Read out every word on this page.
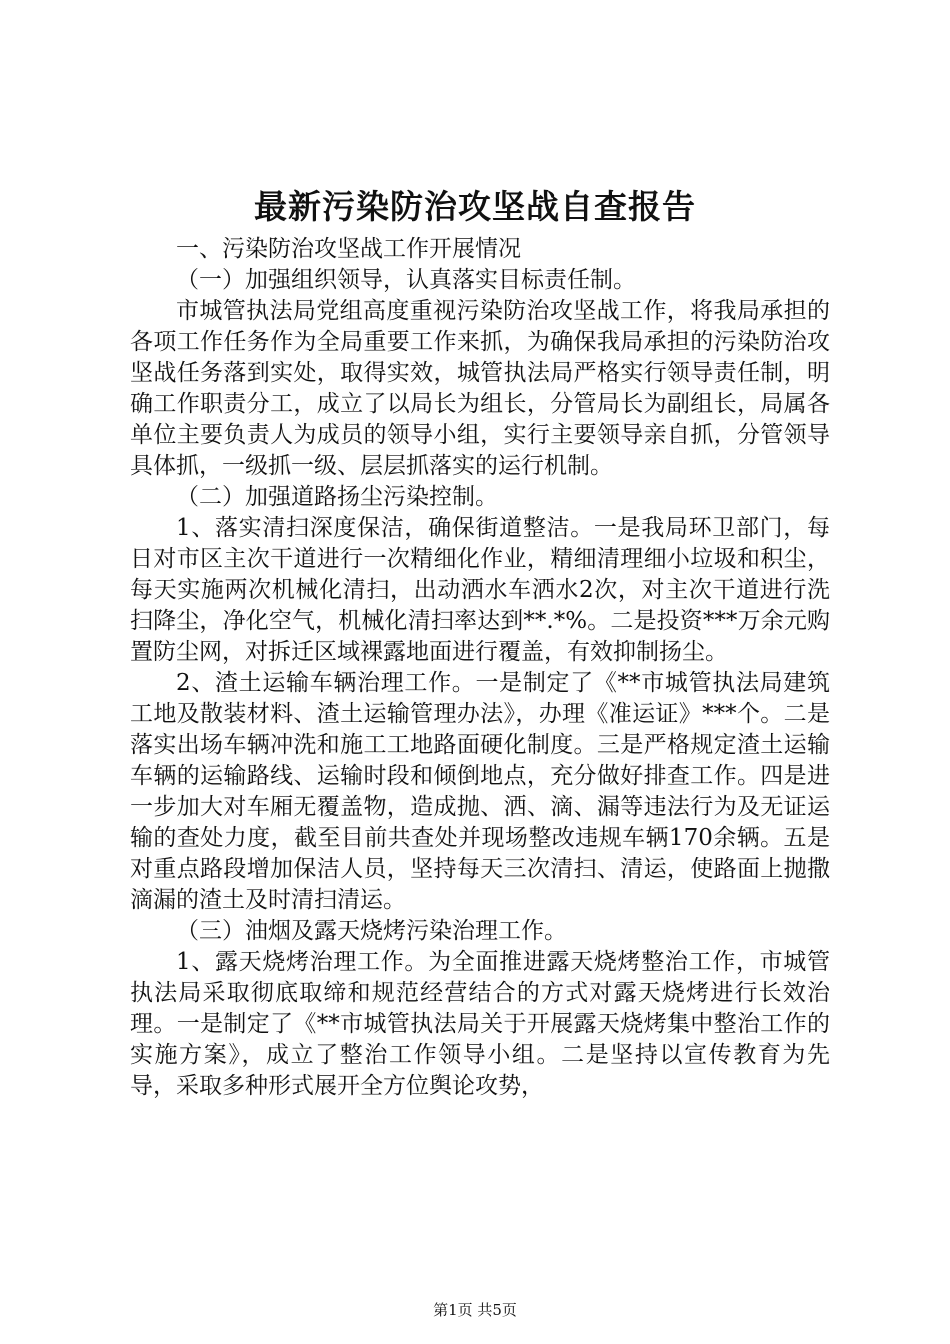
最新污染防治攻坚战自查报告

一、污染防治攻坚战工作开展情况

（一）加强组织领导，认真落实目标责任制。

市城管执法局党组高度重视污染防治攻坚战工作，将我局承担的各项工作任务作为全局重要工作来抓，为确保我局承担的污染防治攻坚战任务落到实处，取得实效，城管执法局严格实行领导责任制，明确工作职责分工，成立了以局长为组长，分管局长为副组长，局属各单位主要负责人为成员的领导小组，实行主要领导亲自抓，分管领导具体抓，一级抓一级、层层抓落实的运行机制。

（二）加强道路扬尘污染控制。

1、落实清扫深度保洁，确保街道整洁。一是我局环卫部门，每日对市区主次干道进行一次精细化作业，精细清理细小垃圾和积尘，每天实施两次机械化清扫，出动洒水车洒水2次，对主次干道进行洗扫降尘，净化空气，机械化清扫率达到**.*%。二是投资***万余元购置防尘网，对拆迁区域裸露地面进行覆盖，有效抑制扬尘。

2、渣土运输车辆治理工作。一是制定了《**市城管执法局建筑工地及散装材料、渣土运输管理办法》，办理《准运证》***个。二是落实出场车辆冲洗和施工工地路面硬化制度。三是严格规定渣土运输车辆的运输路线、运输时段和倾倒地点，充分做好排查工作。四是进一步加大对车厢无覆盖物，造成抛、洒、滴、漏等违法行为及无证运输的查处力度，截至目前共查处并现场整改违规车辆170余辆。五是对重点路段增加保洁人员，坚持每天三次清扫、清运，使路面上抛撒滴漏的渣土及时清扫清运。

（三）油烟及露天烧烤污染治理工作。

1、露天烧烤治理工作。为全面推进露天烧烤整治工作，市城管执法局采取彻底取缔和规范经营结合的方式对露天烧烤进行长效治理。一是制定了《**市城管执法局关于开展露天烧烤集中整治工作的实施方案》，成立了整治工作领导小组。二是坚持以宣传教育为先导，采取多种形式展开全方位舆论攻势，

第1页 共5页
